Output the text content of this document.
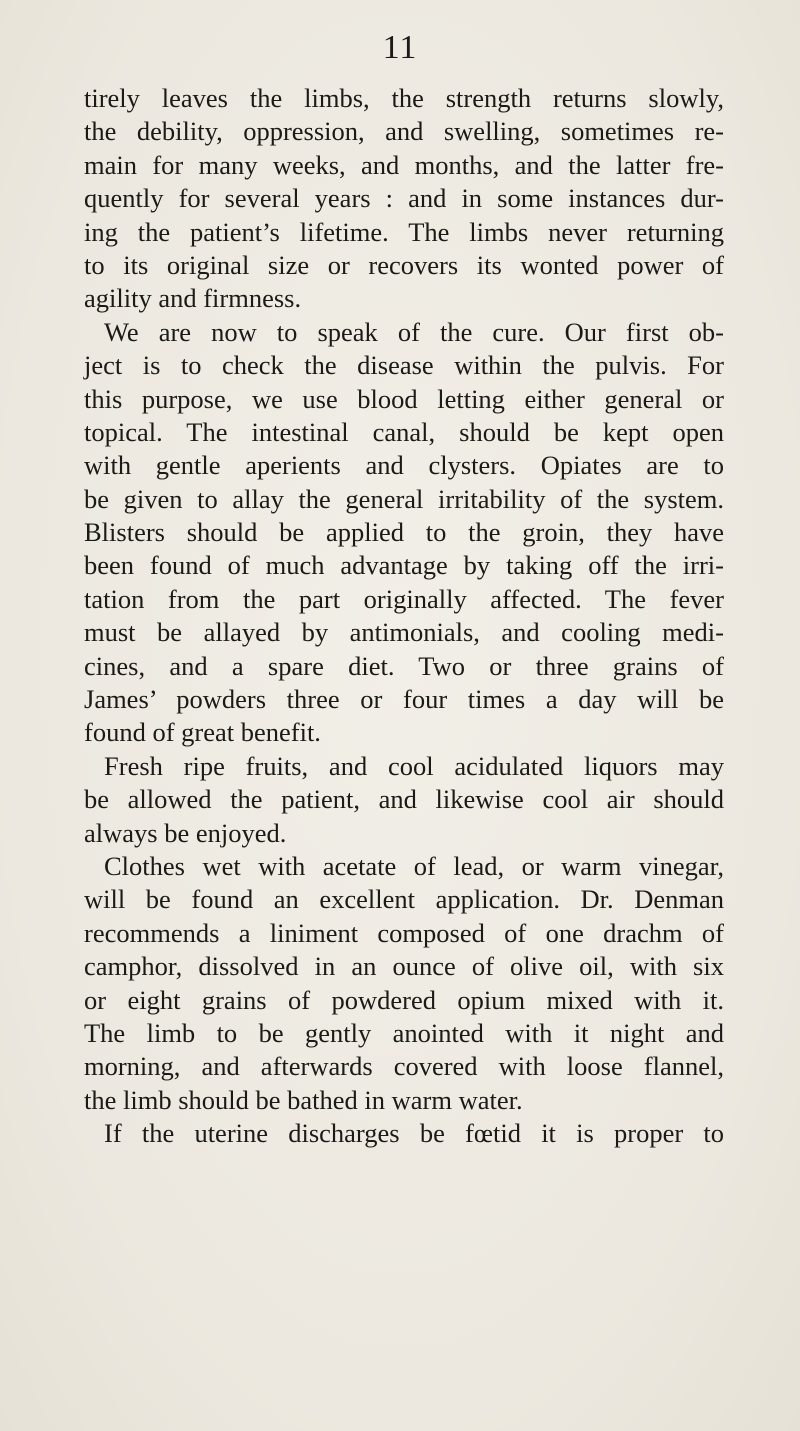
11
tirely leaves the limbs, the strength returns slowly,
the debility, oppression, and swelling, sometimes re-
main for many weeks, and months, and the latter fre-
quently for several years : and in some instances dur-
ing the patient’s lifetime. The limbs never returning
to its original size or recovers its wonted power of
agility and firmness.
We are now to speak of the cure. Our first ob-
ject is to check the disease within the pulvis. For
this purpose, we use blood letting either general or
topical. The intestinal canal, should be kept open
with gentle aperients and clysters. Opiates are to
be given to allay the general irritability of the system.
Blisters should be applied to the groin, they have
been found of much advantage by taking off the irri-
tation from the part originally affected. The fever
must be allayed by antimonials, and cooling medi-
cines, and a spare diet. Two or three grains of
James’ powders three or four times a day will be
found of great benefit.
Fresh ripe fruits, and cool acidulated liquors may
be allowed the patient, and likewise cool air should
always be enjoyed.
Clothes wet with acetate of lead, or warm vinegar,
will be found an excellent application. Dr. Denman
recommends a liniment composed of one drachm of
camphor, dissolved in an ounce of olive oil, with six
or eight grains of powdered opium mixed with it.
The limb to be gently anointed with it night and
morning, and afterwards covered with loose flannel,
the limb should be bathed in warm water.
If the uterine discharges be fœtid it is proper to
